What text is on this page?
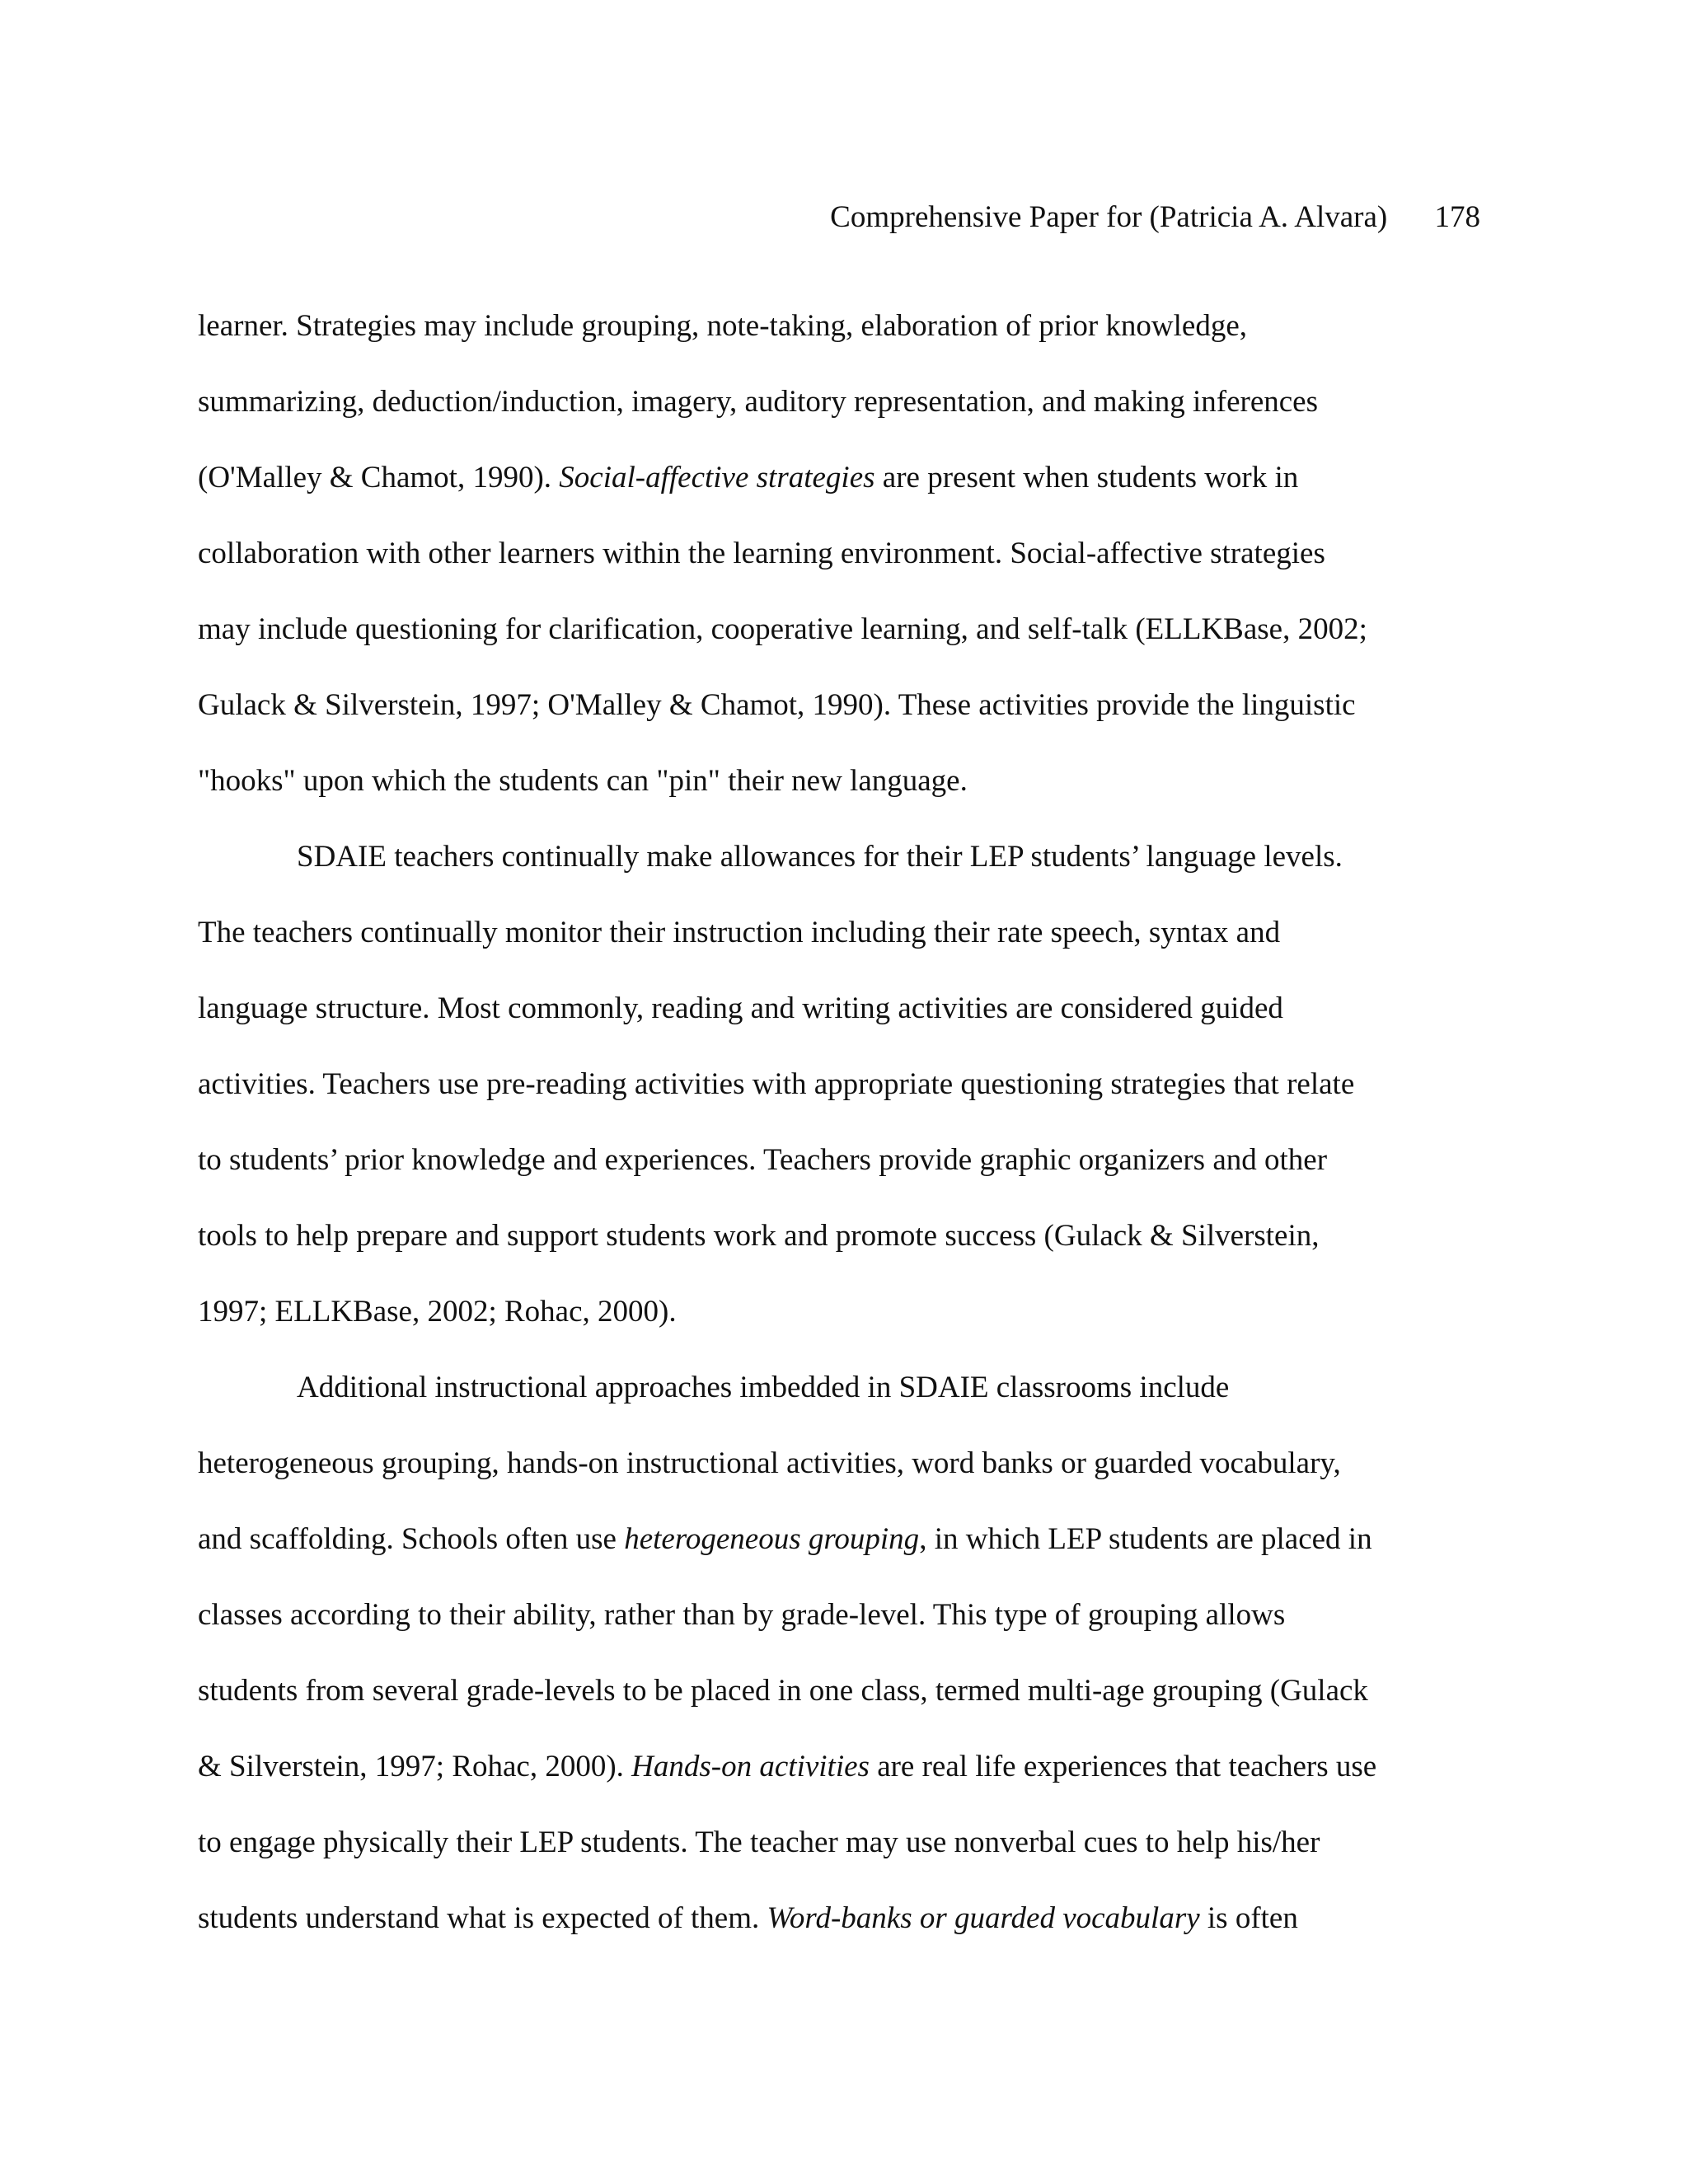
Comprehensive Paper for (Patricia A. Alvara) 178
learner. Strategies may include grouping, note-taking, elaboration of prior knowledge,
summarizing, deduction/induction, imagery, auditory representation, and making inferences
(O'Malley & Chamot, 1990). Social-affective strategies are present when students work in
collaboration with other learners within the learning environment. Social-affective strategies
may include questioning for clarification, cooperative learning, and self-talk (ELLKBase, 2002;
Gulack & Silverstein, 1997; O'Malley & Chamot, 1990). These activities provide the linguistic
"hooks" upon which the students can "pin" their new language.
SDAIE teachers continually make allowances for their LEP students’ language levels.
The teachers continually monitor their instruction including their rate speech, syntax and
language structure. Most commonly, reading and writing activities are considered guided
activities. Teachers use pre-reading activities with appropriate questioning strategies that relate
to students’ prior knowledge and experiences. Teachers provide graphic organizers and other
tools to help prepare and support students work and promote success (Gulack & Silverstein,
1997; ELLKBase, 2002; Rohac, 2000).
Additional instructional approaches imbedded in SDAIE classrooms include
heterogeneous grouping, hands-on instructional activities, word banks or guarded vocabulary,
and scaffolding. Schools often use heterogeneous grouping, in which LEP students are placed in
classes according to their ability, rather than by grade-level. This type of grouping allows
students from several grade-levels to be placed in one class, termed multi-age grouping (Gulack
& Silverstein, 1997; Rohac, 2000). Hands-on activities are real life experiences that teachers use
to engage physically their LEP students. The teacher may use nonverbal cues to help his/her
students understand what is expected of them. Word-banks or guarded vocabulary is often
